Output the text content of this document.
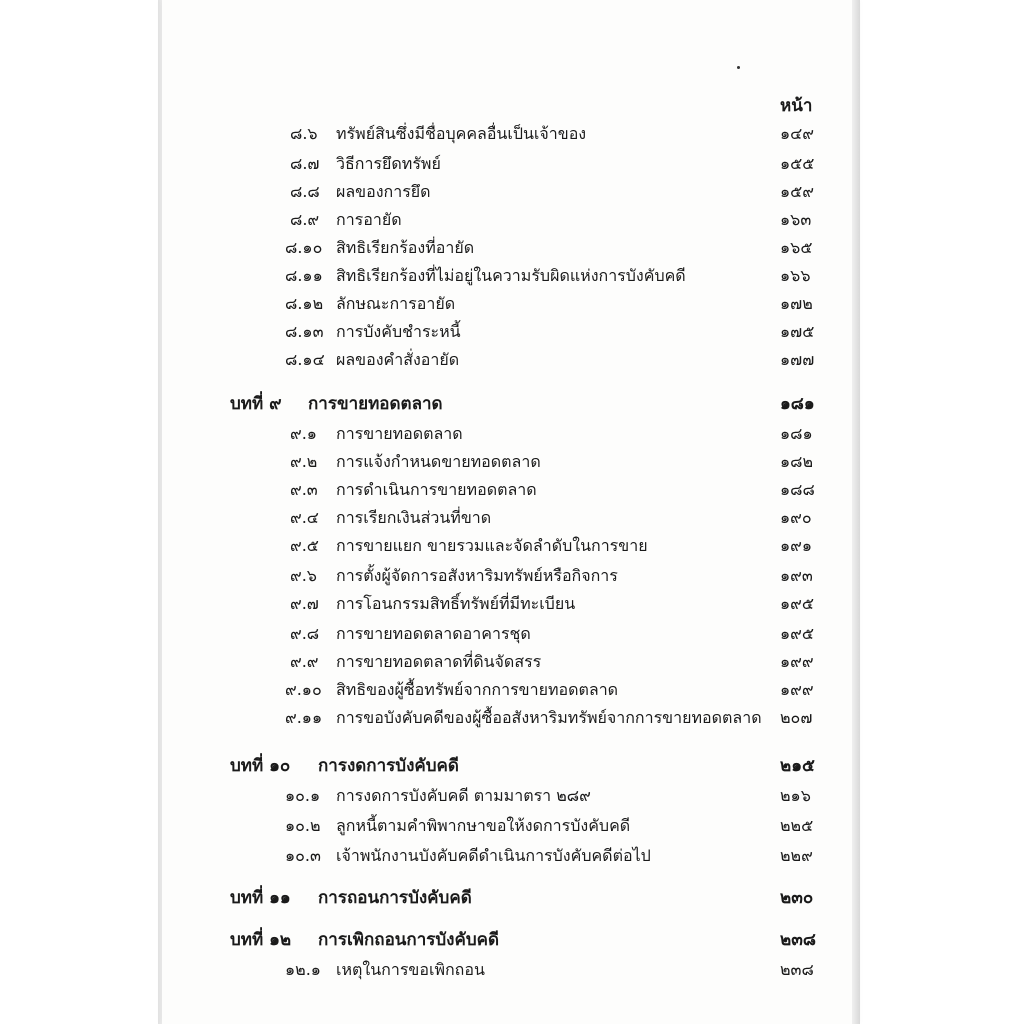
หน้า
๘.๖ ทรัพย์สินซึ่งมีชื่อบุคคลอื่นเป็นเจ้าของ	๑๔๙
๘.๗ วิธีการยึดทรัพย์	๑๕๕
๘.๘ ผลของการยึด	๑๕๙
๘.๙ การอายัด	๑๖๓
๘.๑๐ สิทธิเรียกร้องที่อายัด	๑๖๕
๘.๑๑ สิทธิเรียกร้องที่ไม่อยู่ในความรับผิดแห่งการบังคับคดี	๑๖๖
๘.๑๒ ลักษณะการอายัด	๑๗๒
๘.๑๓ การบังคับชำระหนี้	๑๗๕
๘.๑๔ ผลของคำสั่งอายัด	๑๗๗
บทที่ ๙ การขายทอดตลาด	๑๘๑
๙.๑ การขายทอดตลาด	๑๘๑
๙.๒ การแจ้งกำหนดขายทอดตลาด	๑๘๒
๙.๓ การดำเนินการขายทอดตลาด	๑๘๘
๙.๔ การเรียกเงินส่วนที่ขาด	๑๙๐
๙.๕ การขายแยก ขายรวมและจัดลำดับในการขาย	๑๙๑
๙.๖ การตั้งผู้จัดการอสังหาริมทรัพย์หรือกิจการ	๑๙๓
๙.๗ การโอนกรรมสิทธิ์ทรัพย์ที่มีทะเบียน	๑๙๕
๙.๘ การขายทอดตลาดอาคารชุด	๑๙๕
๙.๙ การขายทอดตลาดที่ดินจัดสรร	๑๙๙
๙.๑๐ สิทธิของผู้ซื้อทรัพย์จากการขายทอดตลาด	๑๙๙
๙.๑๑ การขอบังคับคดีของผู้ซื้ออสังหาริมทรัพย์จากการขายทอดตลาด ๒๐๗
บทที่ ๑๐ การงดการบังคับคดี	๒๑๕
๑๐.๑ การงดการบังคับคดี ตามมาตรา ๒๘๙	๒๑๖
๑๐.๒ ลูกหนี้ตามคำพิพากษาขอให้งดการบังคับคดี	๒๒๕
๑๐.๓ เจ้าพนักงานบังคับคดีดำเนินการบังคับคดีต่อไป	๒๒๙
บทที่ ๑๑ การถอนการบังคับคดี	๒๓๐
บทที่ ๑๒ การเพิกถอนการบังคับคดี	๒๓๘
๑๒.๑ เหตุในการขอเพิกถอน	๒๓๘
